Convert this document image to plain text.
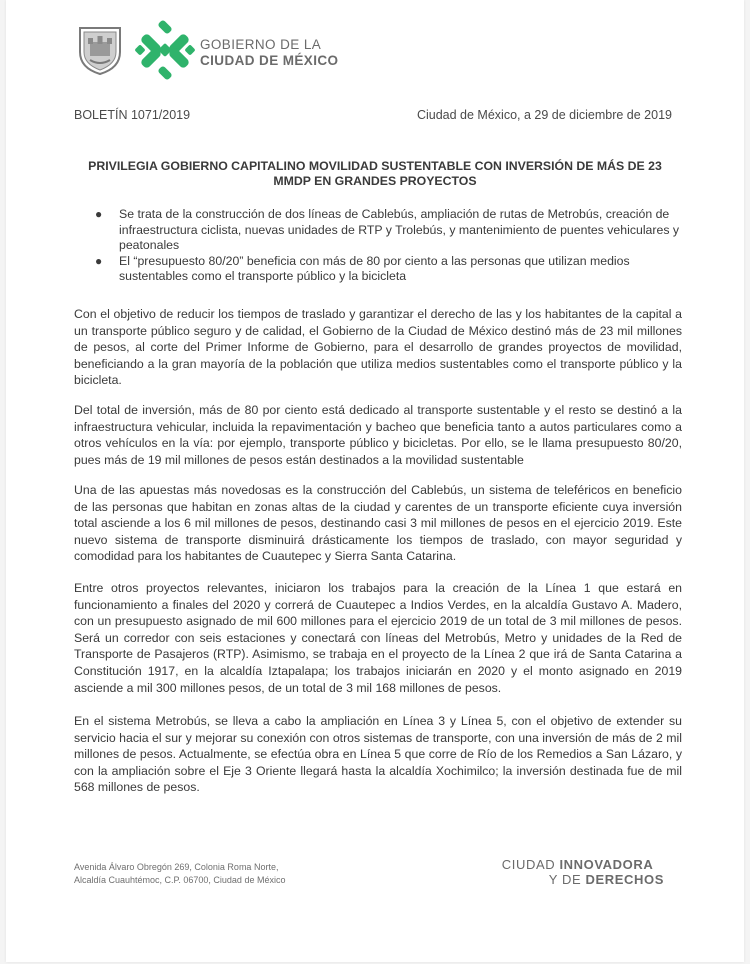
GOBIERNO DE LA
CIUDAD DE MÉXICO
BOLETÍN 1071/2019	Ciudad de México, a 29 de diciembre de 2019
PRIVILEGIA GOBIERNO CAPITALINO MOVILIDAD SUSTENTABLE CON INVERSIÓN DE MÁS DE 23 MMDP EN GRANDES PROYECTOS
● Se trata de la construcción de dos líneas de Cablebús, ampliación de rutas de Metrobús, creación de infraestructura ciclista, nuevas unidades de RTP y Trolebús, y mantenimiento de puentes vehiculares y peatonales
● El “presupuesto 80/20” beneficia con más de 80 por ciento a las personas que utilizan medios sustentables como el transporte público y la bicicleta

Con el objetivo de reducir los tiempos de traslado y garantizar el derecho de las y los habitantes de la capital a un transporte público seguro y de calidad, el Gobierno de la Ciudad de México destinó más de 23 mil millones de pesos, al corte del Primer Informe de Gobierno, para el desarrollo de grandes proyectos de movilidad, beneficiando a la gran mayoría de la población que utiliza medios sustentables como el transporte público y la bicicleta.

Del total de inversión, más de 80 por ciento está dedicado al transporte sustentable y el resto se destinó a la infraestructura vehicular, incluida la repavimentación y bacheo que beneficia tanto a autos particulares como a otros vehículos en la vía: por ejemplo, transporte público y bicicletas. Por ello, se le llama presupuesto 80/20, pues más de 19 mil millones de pesos están destinados a la movilidad sustentable

Una de las apuestas más novedosas es la construcción del Cablebús, un sistema de teleféricos en beneficio de las personas que habitan en zonas altas de la ciudad y carentes de un transporte eficiente cuya inversión total asciende a los 6 mil millones de pesos, destinando casi 3 mil millones de pesos en el ejercicio 2019. Este nuevo sistema de transporte disminuirá drásticamente los tiempos de traslado, con mayor seguridad y comodidad para los habitantes de Cuautepec y Sierra Santa Catarina.

Entre otros proyectos relevantes, iniciaron los trabajos para la creación de la Línea 1 que estará en funcionamiento a finales del 2020 y correrá de Cuautepec a Indios Verdes, en la alcaldía Gustavo A. Madero, con un presupuesto asignado de mil 600 millones para el ejercicio 2019 de un total de 3 mil millones de pesos. Será un corredor con seis estaciones y conectará con líneas del Metrobús, Metro y unidades de la Red de Transporte de Pasajeros (RTP). Asimismo, se trabaja en el proyecto de la Línea 2 que irá de Santa Catarina a Constitución 1917, en la alcaldía Iztapalapa; los trabajos iniciarán en 2020 y el monto asignado en 2019 asciende a mil 300 millones pesos, de un total de 3 mil 168 millones de pesos.

En el sistema Metrobús, se lleva a cabo la ampliación en Línea 3 y Línea 5, con el objetivo de extender su servicio hacia el sur y mejorar su conexión con otros sistemas de transporte, con una inversión de más de 2 mil millones de pesos. Actualmente, se efectúa obra en Línea 5 que corre de Río de los Remedios a San Lázaro, y con la ampliación sobre el Eje 3 Oriente llegará hasta la alcaldía Xochimilco; la inversión destinada fue de mil 568 millones de pesos.

Avenida Álvaro Obregón 269, Colonia Roma Norte,
Alcaldía Cuauhtémoc, C.P. 06700, Ciudad de México
CIUDAD INNOVADORA
Y DE DERECHOS
